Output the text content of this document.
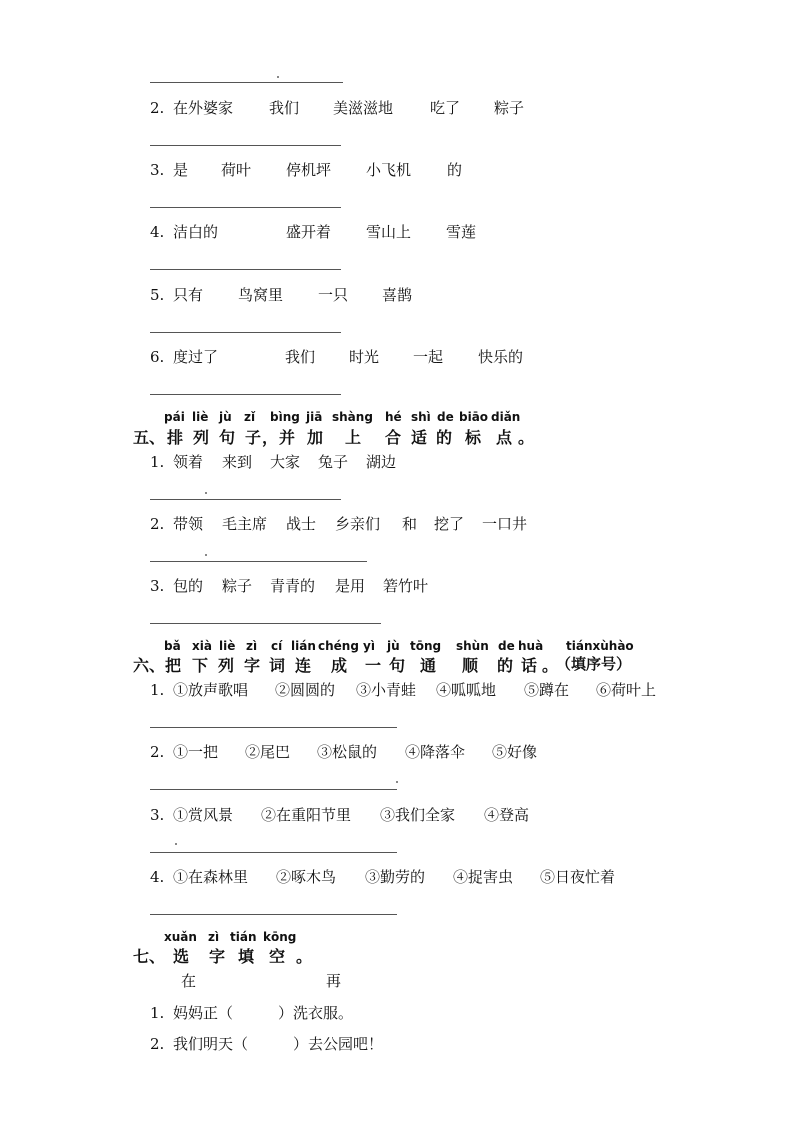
2. 在外婆家 我们 美滋滋地 吃了 粽子
3. 是 荷叶 停机坪 小飞机 的
4. 洁白的	盛开着 雪山上 雪莲
5. 只有 鸟窝里 一只 喜鹊
6. 度过了	我们 时光 一起 快乐的
pái liè jù zǐ bìng jiā shàng hé shì de biāo diǎn
五、 排 列 句 子 ， 并 加 上 合 适 的 标 点 。
1. 领着 来到 大家 兔子 湖边
2. 带领 毛主席 战士 乡亲们 和 挖了 一口井
3. 包的 粽子 青青的 是用 箬竹叶
bǎ xià liè zì cí lián chéng yì jù tōng shùn de huà tiánxùhào
六、 把 下 列 字 词 连 成 一 句 通 顺 的 话 。
（填序号）
1. ①放声歌唱 ②圆圆的 ③小青蛙 ④呱呱地 ⑤蹲在 ⑥荷叶上
2. ①一把 ②尾巴 ③松鼠的 ④降落伞 ⑤好像
3. ①赏风景 ②在重阳节里 ③我们全家 ④登高
4. ①在森林里 ②啄木鸟 ③勤劳的 ④捉害虫 ⑤日夜忙着
xuǎn zì tián kōng
七、 选 字 填 空 。
在	再
1. 妈妈正（　　　）洗衣服。
2. 我们明天（　　　）去公园吧！
